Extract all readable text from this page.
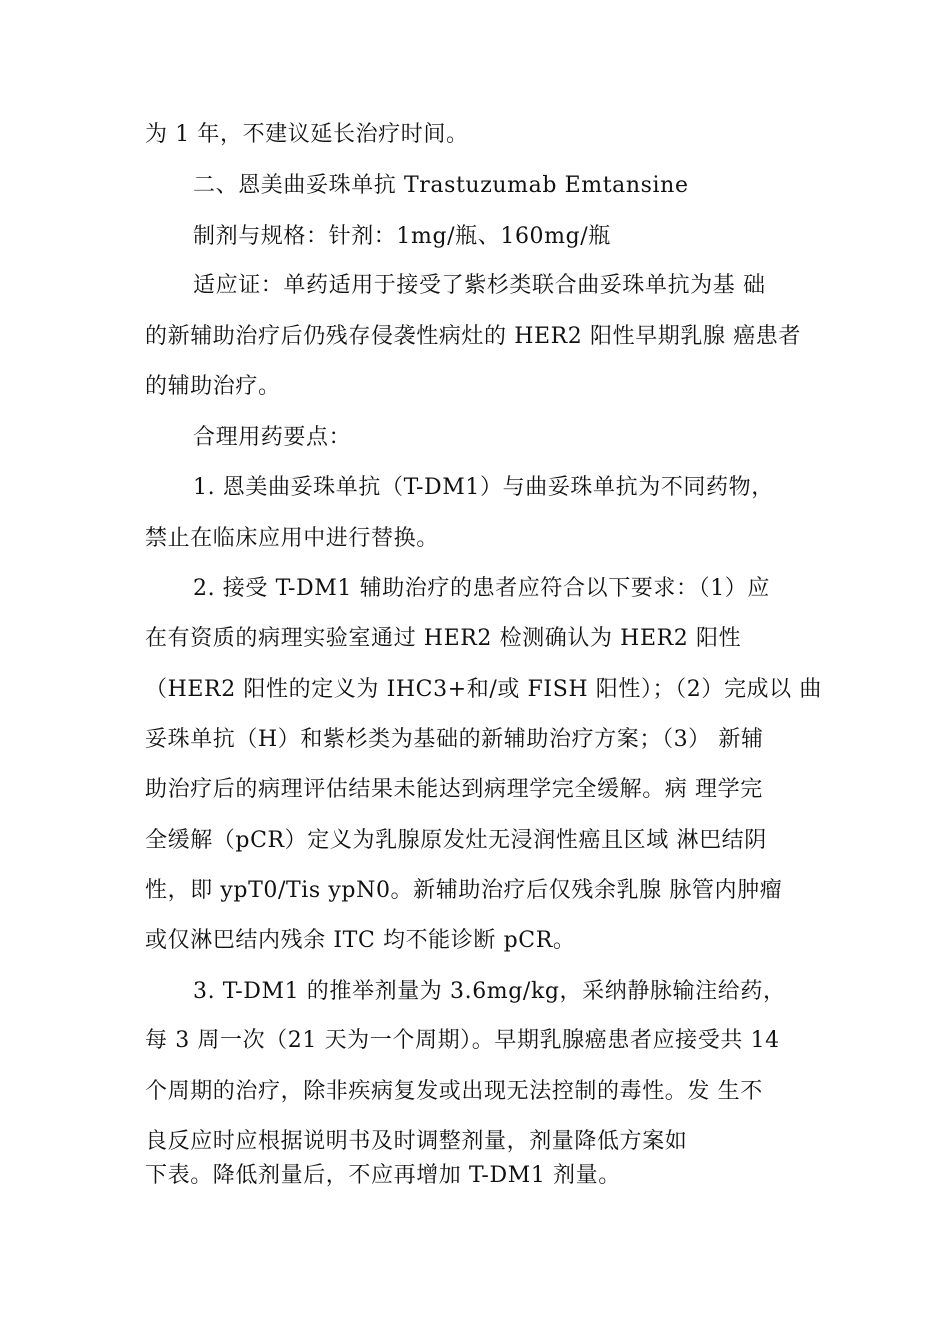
为 1 年，不建议延长治疗时间。
二、恩美曲妥珠单抗 Trastuzumab Emtansine
制剂与规格：针剂：1mg/瓶、160mg/瓶
适应证：单药适用于接受了紫杉类联合曲妥珠单抗为基 础
的新辅助治疗后仍残存侵袭性病灶的 HER2 阳性早期乳腺 癌患者
的辅助治疗。
合理用药要点：
1. 恩美曲妥珠单抗（T-DM1）与曲妥珠单抗为不同药物，
禁止在临床应用中进行替换。
2. 接受 T-DM1 辅助治疗的患者应符合以下要求：（1）应
在有资质的病理实验室通过 HER2 检测确认为 HER2 阳性
（HER2 阳性的定义为 IHC3+和/或 FISH 阳性）；（2）完成以 曲
妥珠单抗（H）和紫杉类为基础的新辅助治疗方案；（3） 新辅
助治疗后的病理评估结果未能达到病理学完全缓解。病 理学完
全缓解（pCR）定义为乳腺原发灶无浸润性癌且区域 淋巴结阴
性，即 ypT0/Tis ypN0。新辅助治疗后仅残余乳腺 脉管内肿瘤
或仅淋巴结内残余 ITC 均不能诊断 pCR。
3. T-DM1 的推举剂量为 3.6mg/kg，采纳静脉输注给药，
每 3 周一次（21 天为一个周期）。早期乳腺癌患者应接受共 14
个周期的治疗，除非疾病复发或出现无法控制的毒性。发 生不
良反应时应根据说明书及时调整剂量，剂量降低方案如
下表。降低剂量后，不应再增加 T-DM1 剂量。
